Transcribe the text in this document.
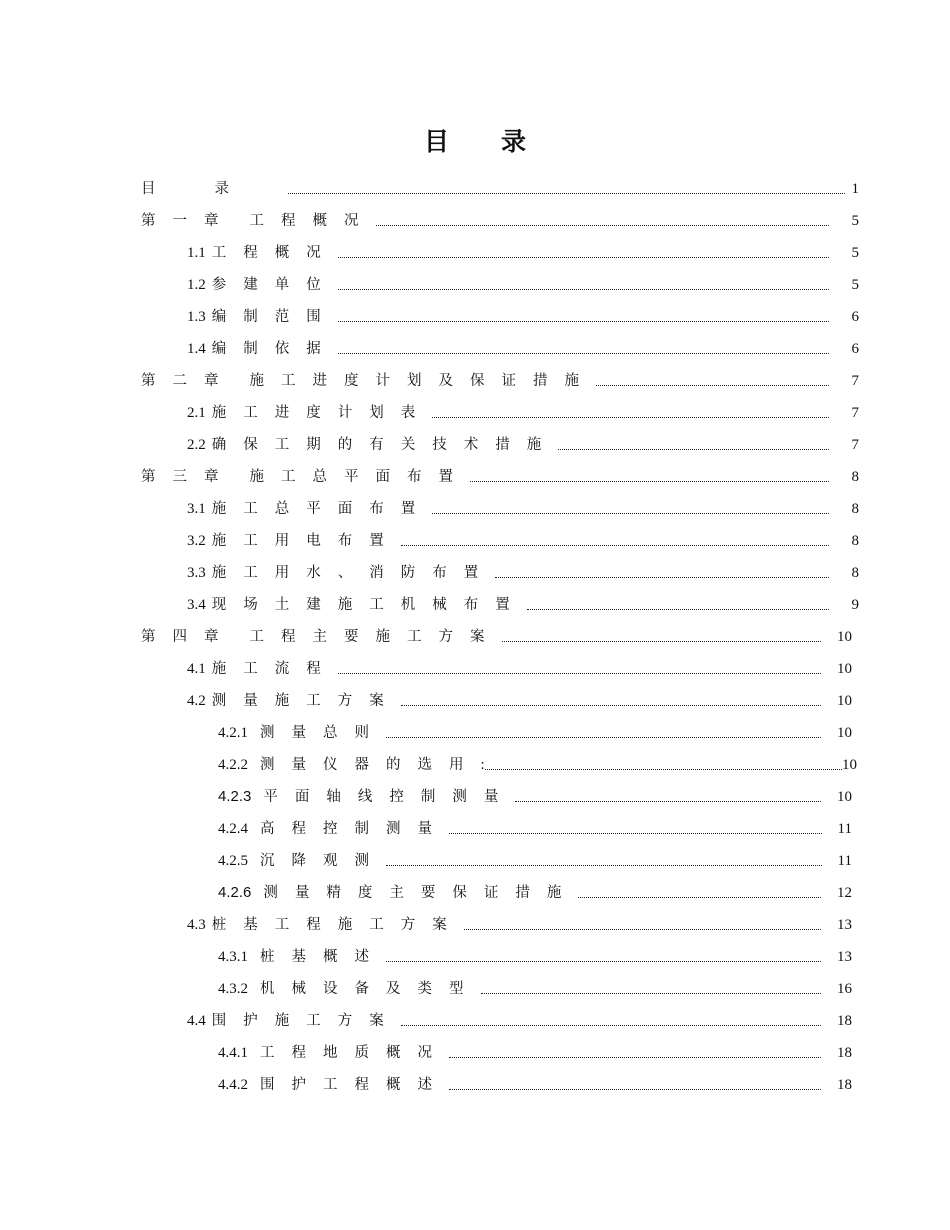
目 录
目录	1
第一章 工程概况	5
1.1 工程概况	5
1.2 参建单位	5
1.3 编制范围	6
1.4 编制依据	6
第二章 施工进度计划及保证措施	7
2.1 施工进度计划表	7
2.2 确保工期的有关技术措施	7
第三章 施工总平面布置	8
3.1 施工总平面布置	8
3.2 施工用电布置	8
3.3 施工用水、消防布置	8
3.4 现场土建施工机械布置	9
第四章 工程主要施工方案	10
4.1 施工流程	10
4.2 测量施工方案	10
4.2.1 测量总则	10
4.2.2 测量仪器的选用 :	10
4.2.3 平面轴线控制测量	10
4.2.4 高程控制测量	11
4.2.5 沉降观测	11
4.2.6 测量精度主要保证措施	12
4.3 桩基工程施工方案	13
4.3.1 桩基概述	13
4.3.2 机械设备及类型	16
4.4 围护施工方案	18
4.4.1 工程地质概况	18
4.4.2 围护工程概述	18
